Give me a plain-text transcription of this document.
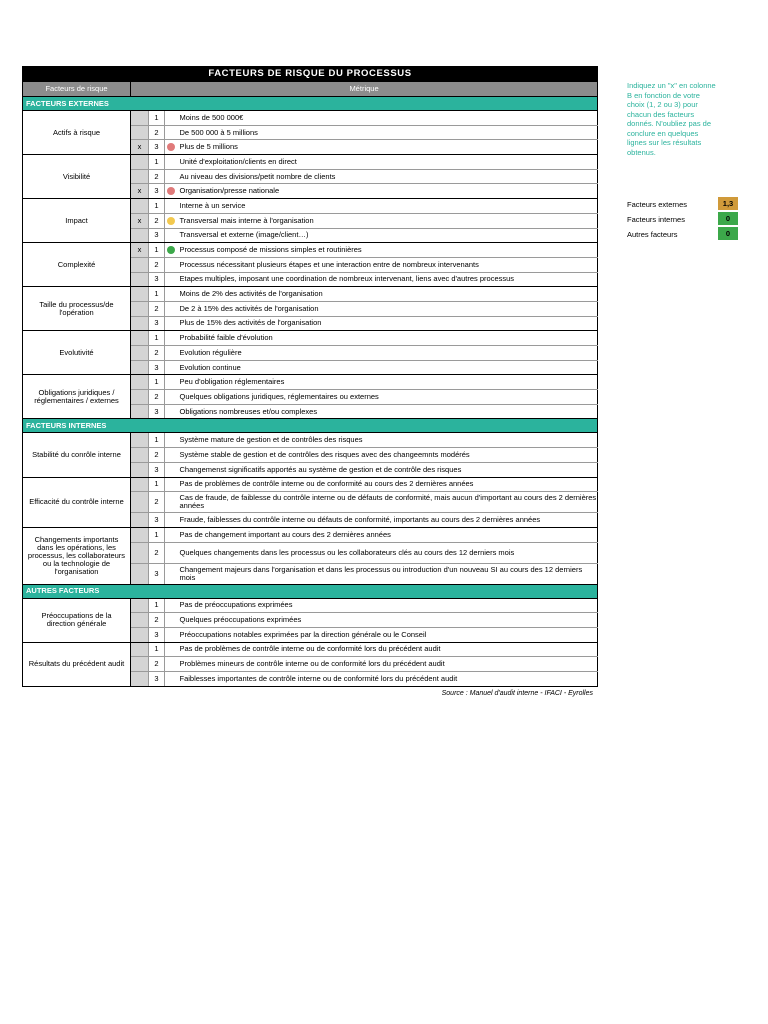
FACTEURS DE RISQUE DU PROCESSUS				
Facteurs de risque	Métrique			
FACTEURS EXTERNES				
Actifs à risque		1		Moins de 500 000€
		2		De 500 000 à 5 millions
	x	3		Plus de 5 millions
Visibilité		1		Unité d'exploitation/clients en direct
		2		Au niveau des divisions/petit nombre de clients
	x	3		Organisation/presse nationale
Impact		1		Interne à un service
	x	2		Transversal mais interne à l'organisation
		3		Transversal et externe (image/client…)
Complexité	x	1		Processus composé de missions simples et routinières
		2		Processus nécessitant plusieurs étapes et une interaction entre de nombreux intervenants
		3		Etapes multiples, imposant une coordination de nombreux intervenant, liens avec d'autres processus
Taille du processus/de l'opération		1		Moins de 2% des activités de l'organisation
		2		De 2 à 15% des activités de l'organisation
		3		Plus de 15% des activités de l'organisation
Evolutivité		1		Probabilité faible d'évolution
		2		Evolution régulière
		3		Evolution continue
Obligations juridiques / réglementaires / externes		1		Peu d'obligation réglementaires
		2		Quelques obligations juridiques, réglementaires ou externes
		3		Obligations nombreuses et/ou complexes
FACTEURS INTERNES				
Stabilité du conrôle interne		1		Système mature de gestion et de contrôles des risques
		2		Système stable de gestion et de contrôles des risques avec des changeemnts modérés
		3		Changemenst significatifs apportés au système de gestion et de contrôle des risques
Efficacité du contrôle interne		1		Pas de problèmes de contrôle interne ou de conformité au cours des 2 dernières années
		2		Cas de fraude, de faiblesse du contrôle interne ou de défauts de conformité, mais aucun d'important au cours des 2 dernières années
		3		Fraude, faiblesses du contrôle interne ou défauts de conformité, importants au cours des 2 dernières années
Changements importants dans les opérations, les processus, les collaborateurs ou la technologie de l'organisation		1		Pas de changement important au cours des 2 dernières années
		2		Quelques changements dans les processus ou les collaborateurs clés au cours des 12 derniers mois
		3		Changement majeurs dans l'organisation et dans les processus ou introduction d'un nouveau SI au cours des 12 derniers mois
AUTRES FACTEURS				
Préoccupations de la direction générale		1		Pas de préoccupations exprimées
		2		Quelques préoccupations exprimées
		3		Préoccupations notables exprimées par la direction générale ou le Conseil
Résultats du précédent audit		1		Pas de problèmes de contrôle interne ou de conformité lors du précédent audit
		2		Problèmes mineurs de contrôle interne ou de conformité lors du précédent audit
		3		Faiblesses importantes de contrôle interne ou de conformité lors du précédent audit
Source : Manuel d'audit interne - IFACI - Eyrolles
Indiquez un "x" en colonne B en fonction de votre choix (1, 2 ou 3) pour chacun des facteurs donnés. N'oubliez pas de conclure en quelques lignes sur les résultats obtenus.
Facteurs externes	1,3
Facteurs internes	0
Autres facteurs	0
